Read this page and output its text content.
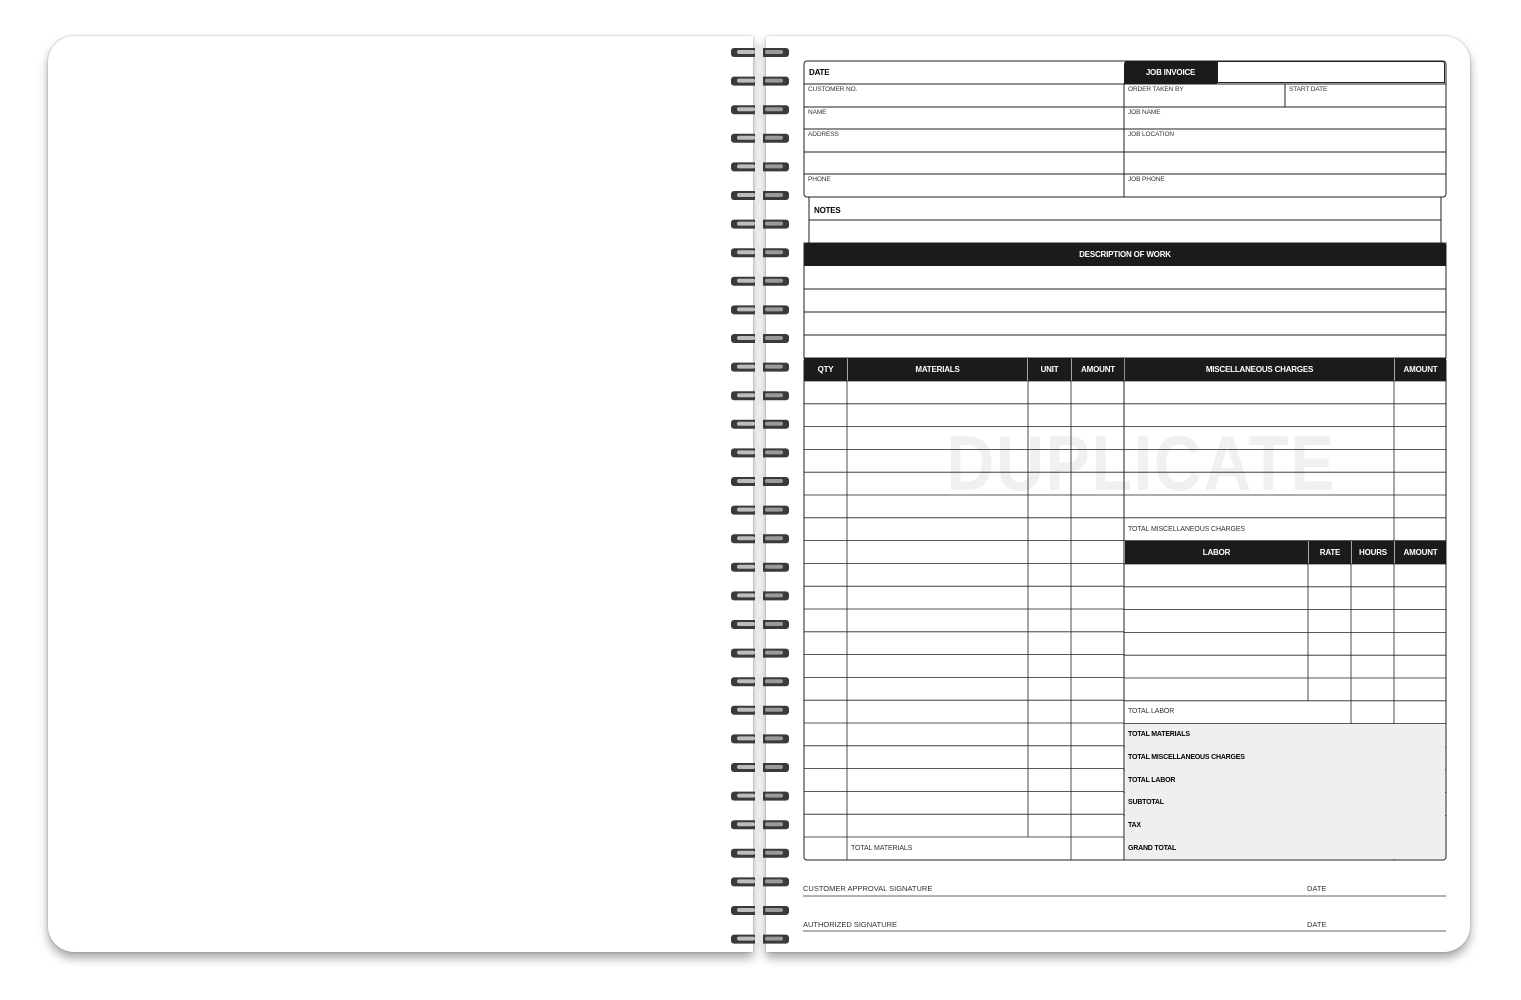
DUPLICATE
DATE	JOB INVOICE
CUSTOMER NO.	ORDER TAKEN BY	START DATE
NAME	JOB NAME
ADDRESS	JOB LOCATION
PHONE	JOB PHONE
NOTES
DESCRIPTION OF WORK
QTY	MATERIALS	UNIT	AMOUNT	MISCELLANEOUS CHARGES	AMOUNT
TOTAL MISCELLANEOUS CHARGES
LABOR	RATE	HOURS	AMOUNT
TOTAL LABOR
TOTAL MATERIALS
TOTAL MISCELLANEOUS CHARGES
TOTAL LABOR
SUBTOTAL
TAX
GRAND TOTAL
TOTAL MATERIALS
CUSTOMER APPROVAL SIGNATURE	DATE
AUTHORIZED SIGNATURE	DATE
